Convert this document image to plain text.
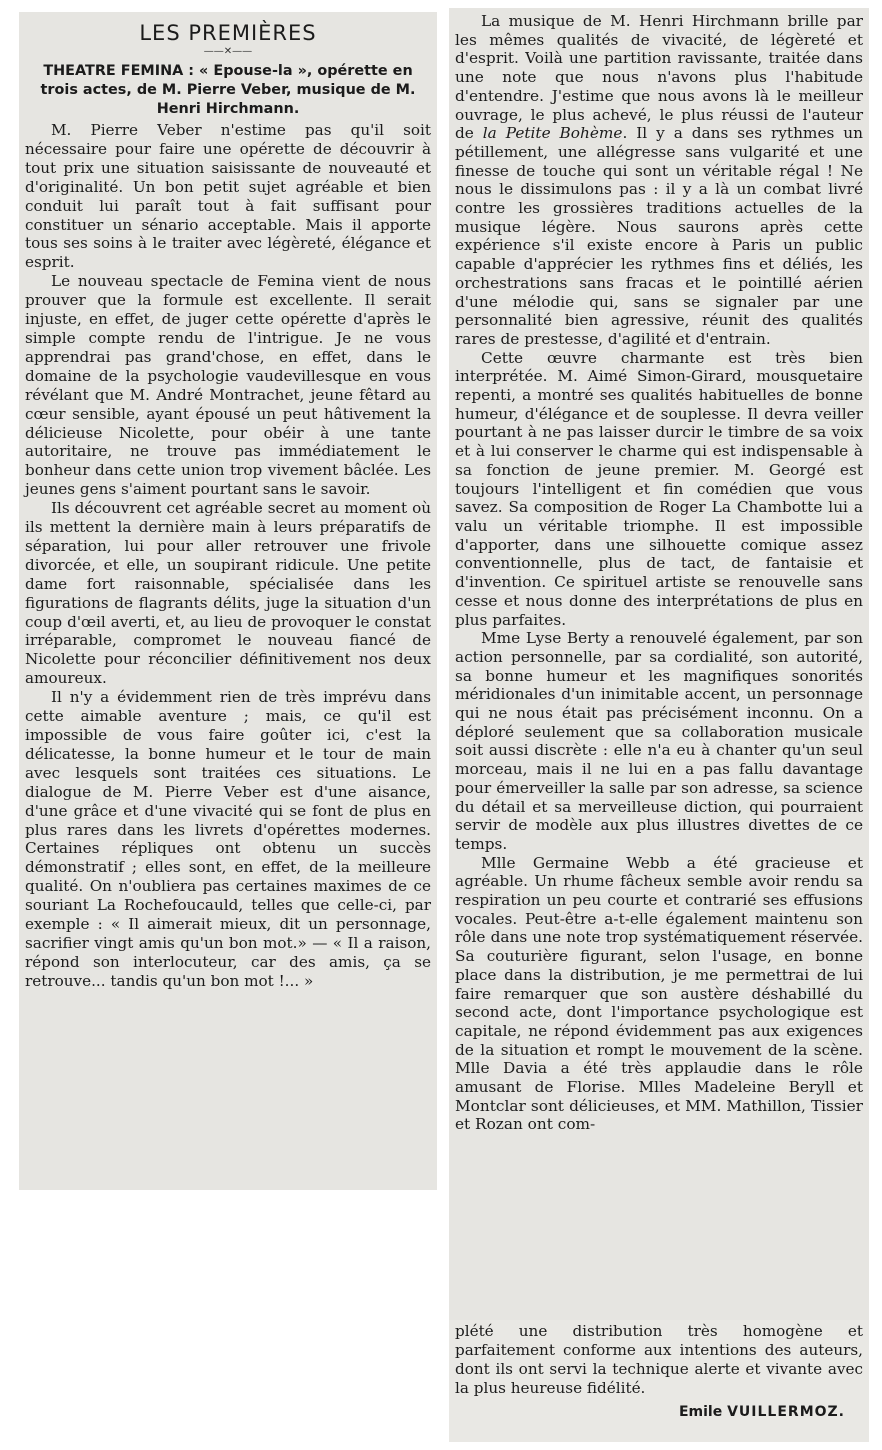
LES PREMIÈRES
——✕——
THEATRE FEMINA : « Epouse-la », opérette en trois actes, de M. Pierre Veber, musique de M. Henri Hirchmann.

M. Pierre Veber n'estime pas qu'il soit nécessaire pour faire une opérette de découvrir à tout prix une situation saisissante de nouveauté et d'originalité. Un bon petit sujet agréable et bien conduit lui paraît tout à fait suffisant pour constituer un sénario acceptable. Mais il apporte tous ses soins à le traiter avec légèreté, élégance et esprit.

Le nouveau spectacle de Femina vient de nous prouver que la formule est excellente. Il serait injuste, en effet, de juger cette opérette d'après le simple compte rendu de l'intrigue. Je ne vous apprendrai pas grand'chose, en effet, dans le domaine de la psychologie vaudevillesque en vous révélant que M. André Montrachet, jeune fêtard au cœur sensible, ayant épousé un peut hâtivement la délicieuse Nicolette, pour obéir à une tante autoritaire, ne trouve pas immédiatement le bonheur dans cette union trop vivement bâclée. Les jeunes gens s'aiment pourtant sans le savoir.

Ils découvrent cet agréable secret au moment où ils mettent la dernière main à leurs préparatifs de séparation, lui pour aller retrouver une frivole divorcée, et elle, un soupirant ridicule. Une petite dame fort raisonnable, spécialisée dans les figurations de flagrants délits, juge la situation d'un coup d'œil averti, et, au lieu de provoquer le constat irréparable, compromet le nouveau fiancé de Nicolette pour réconcilier définitivement nos deux amoureux.

Il n'y a évidemment rien de très imprévu dans cette aimable aventure ; mais, ce qu'il est impossible de vous faire goûter ici, c'est la délicatesse, la bonne humeur et le tour de main avec lesquels sont traitées ces situations. Le dialogue de M. Pierre Veber est d'une aisance, d'une grâce et d'une vivacité qui se font de plus en plus rares dans les livrets d'opérettes modernes. Certaines répliques ont obtenu un succès démonstratif ; elles sont, en effet, de la meilleure qualité. On n'oubliera pas certaines maximes de ce souriant La Rochefoucauld, telles que celle-ci, par exemple : « Il aimerait mieux, dit un personnage, sacrifier vingt amis qu'un bon mot.» — « Il a raison, répond son interlocuteur, car des amis, ça se retrouve... tandis qu'un bon mot !... »

La musique de M. Henri Hirchmann brille par les mêmes qualités de vivacité, de légèreté et d'esprit. Voilà une partition ravissante, traitée dans une note que nous n'avons plus l'habitude d'entendre. J'estime que nous avons là le meilleur ouvrage, le plus achevé, le plus réussi de l'auteur de la Petite Bohème. Il y a dans ses rythmes un pétillement, une allégresse sans vulgarité et une finesse de touche qui sont un véritable régal ! Ne nous le dissimulons pas : il y a là un combat livré contre les grossières traditions actuelles de la musique légère. Nous saurons après cette expérience s'il existe encore à Paris un public capable d'apprécier les rythmes fins et déliés, les orchestrations sans fracas et le pointillé aérien d'une mélodie qui, sans se signaler par une personnalité bien agressive, réunit des qualités rares de prestesse, d'agilité et d'entrain.

Cette œuvre charmante est très bien interprétée. M. Aimé Simon-Girard, mousquetaire repenti, a montré ses qualités habituelles de bonne humeur, d'élégance et de souplesse. Il devra veiller pourtant à ne pas laisser durcir le timbre de sa voix et à lui conserver le charme qui est indispensable à sa fonction de jeune premier. M. Georgé est toujours l'intelligent et fin comédien que vous savez. Sa composition de Roger La Chambotte lui a valu un véritable triomphe. Il est impossible d'apporter, dans une silhouette comique assez conventionnelle, plus de tact, de fantaisie et d'invention. Ce spirituel artiste se renouvelle sans cesse et nous donne des interprétations de plus en plus parfaites.

Mme Lyse Berty a renouvelé également, par son action personnelle, par sa cordialité, son autorité, sa bonne humeur et les magnifiques sonorités méridionales d'un inimitable accent, un personnage qui ne nous était pas précisément inconnu. On a déploré seulement que sa collaboration musicale soit aussi discrète : elle n'a eu à chanter qu'un seul morceau, mais il ne lui en a pas fallu davantage pour émerveiller la salle par son adresse, sa science du détail et sa merveilleuse diction, qui pourraient servir de modèle aux plus illustres divettes de ce temps.

Mlle Germaine Webb a été gracieuse et agréable. Un rhume fâcheux semble avoir rendu sa respiration un peu courte et contrarié ses effusions vocales. Peut-être a-t-elle également maintenu son rôle dans une note trop systématiquement réservée. Sa couturière figurant, selon l'usage, en bonne place dans la distribution, je me permettrai de lui faire remarquer que son austère déshabillé du second acte, dont l'importance psychologique est capitale, ne répond évidemment pas aux exigences de la situation et rompt le mouvement de la scène. Mlle Davia a été très applaudie dans le rôle amusant de Florise. Mlles Madeleine Beryll et Montclar sont délicieuses, et MM. Mathillon, Tissier et Rozan ont com-

plété une distribution très homogène et parfaitement conforme aux intentions des auteurs, dont ils ont servi la technique alerte et vivante avec la plus heureuse fidélité.

Emile VUILLERMOZ.
